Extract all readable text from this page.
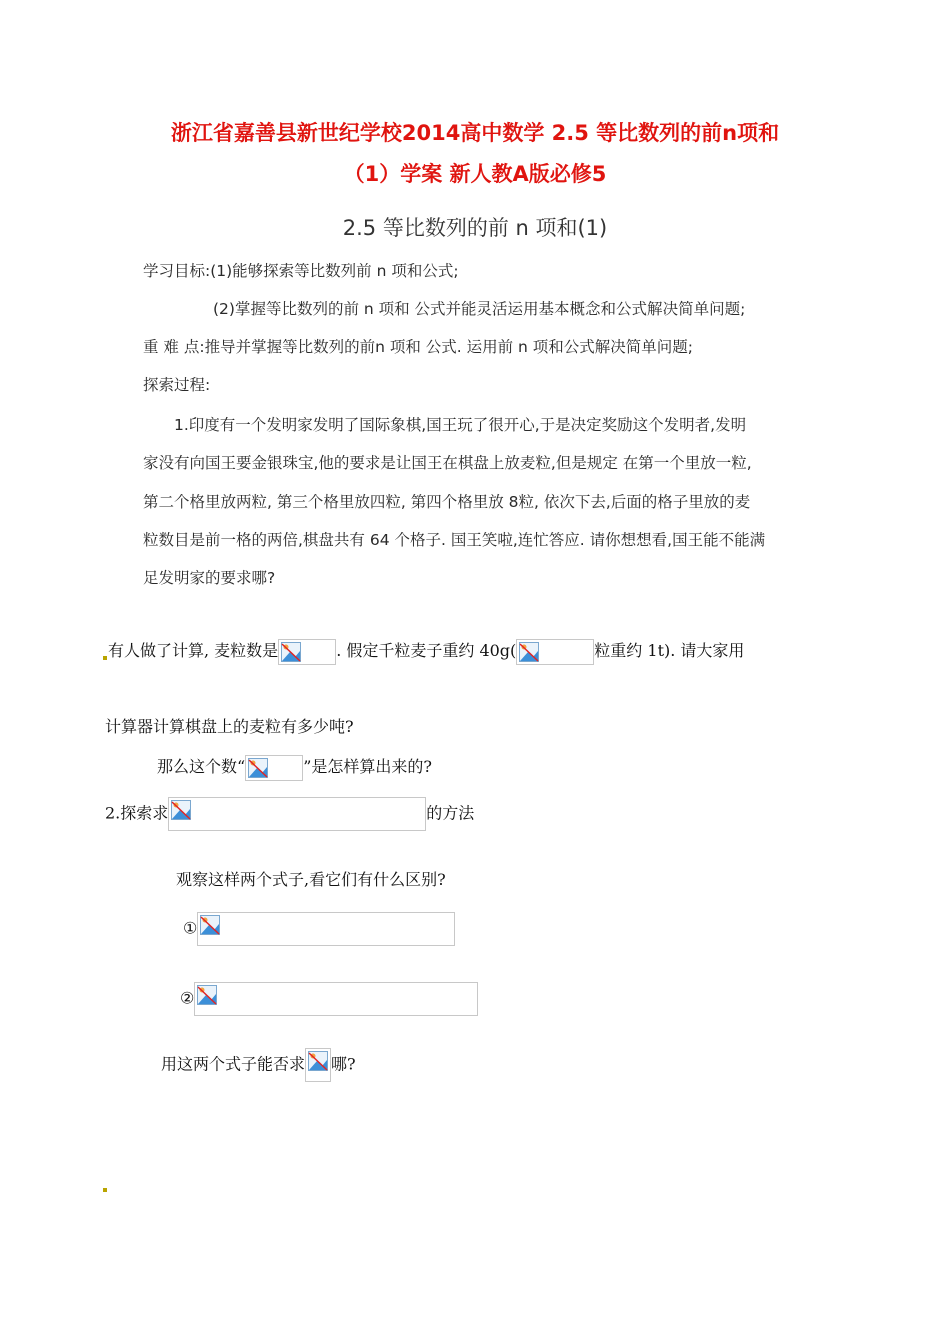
浙江省嘉善县新世纪学校2014高中数学 2.5 等比数列的前n项和
（1）学案 新人教A版必修5
2.5 等比数列的前 n 项和(1)
学习目标:(1)能够探索等比数列前 n 项和公式;
(2)掌握等比数列的前 n 项和 公式并能灵活运用基本概念和公式解决简单问题;
重 难 点:推导并掌握等比数列的前n 项和 公式. 运用前 n 项和公式解决简单问题;
探索过程:
1.印度有一个发明家发明了国际象棋,国王玩了很开心,于是决定奖励这个发明者,发明
家没有向国王要金银珠宝,他的要求是让国王在棋盘上放麦粒,但是规定 在第一个里放一粒,
第二个格里放两粒, 第三个格里放四粒, 第四个格里放 8粒, 依次下去,后面的格子里放的麦
粒数目是前一格的两倍,棋盘共有 64 个格子. 国王笑啦,连忙答应. 请你想想看,国王能不能满
足发明家的要求哪?
有人做了计算, 麦粒数是	. 假定千粒麦子重约 40g(	粒重约 1t). 请大家用
计算器计算棋盘上的麦粒有多少吨?
那么这个数“	”是怎样算出来的?
2.探索求	的方法
观察这样两个式子,看它们有什么区别?
①
②
用这两个式子能否求 哪?
